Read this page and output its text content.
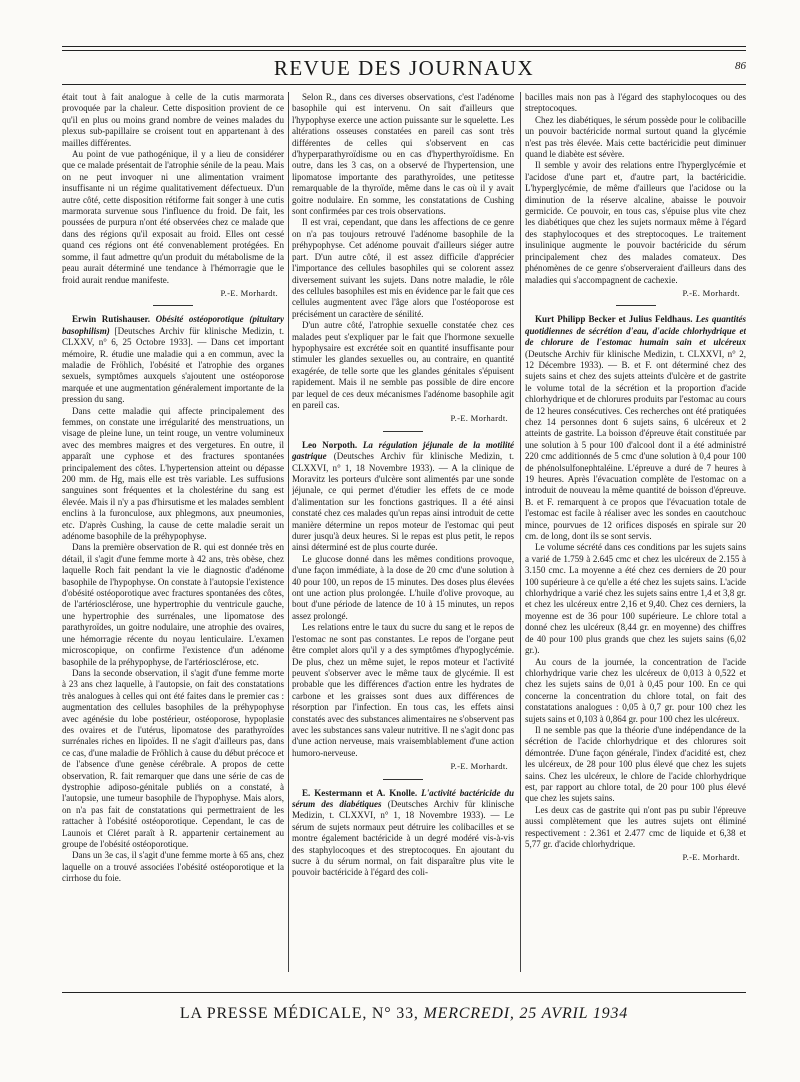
REVUE DES JOURNAUX	86

était tout à fait analogue à celle de la cutis marmorata provoquée par la chaleur. Cette disposition provient de ce qu'il en plus ou moins grand nombre de veines malades du plexus sub-papillaire se croisent tout en appartenant à des mailles différentes.

Au point de vue pathogénique, il y a lieu de considérer que ce malade présentait de l'atrophie sénile de la peau. Mais on ne peut invoquer ni une alimentation vraiment insuffisante ni un régime qualitativement défectueux. D'un autre côté, cette disposition rétiforme fait songer à une cutis marmorata survenue sous l'influence du froid. De fait, les poussées de purpura n'ont été observées chez ce malade que dans des régions qu'il exposait au froid. Elles ont cessé quand ces régions ont été convenablement protégées. En somme, il faut admettre qu'un produit du métabolisme de la peau aurait déterminé une tendance à l'hémorragie que le froid aurait rendue manifeste.

P.-E. Morhardt.

Erwin Rutishauser. Obésité ostéoporotique (pituitary basophilism) [Deutsches Archiv für klinische Medizin, t. CLXXV, n° 6, 25 Octobre 1933]. — Dans cet important mémoire, R. étudie une maladie qui a en commun, avec la maladie de Fröhlich, l'obésité et l'atrophie des organes sexuels, symptômes auxquels s'ajoutent une ostéoporose marquée et une augmentation généralement importante de la pression du sang.

Dans cette maladie qui affecte principalement des femmes, on constate une irrégularité des menstruations, un visage de pleine lune, un teint rouge, un ventre volumineux avec des membres maigres et des vergetures. En outre, il apparaît une cyphose et des fractures spontanées principalement des côtes. L'hypertension atteint ou dépasse 200 mm. de Hg, mais elle est très variable. Les suffusions sanguines sont fréquentes et la cholestérine du sang est élevée. Mais il n'y a pas d'hirsutisme et les malades semblent enclins à la furonculose, aux phlegmons, aux pneumonies, etc. D'après Cushing, la cause de cette maladie serait un adénome basophile de la préhypophyse.

Dans la première observation de R. qui est donnée très en détail, il s'agit d'une femme morte à 42 ans, très obèse, chez laquelle Roch fait pendant la vie le diagnostic d'adénome basophile de l'hypophyse. On constate à l'autopsie l'existence d'obésité ostéoporotique avec fractures spontanées des côtes, de l'artériosclérose, une hypertrophie du ventricule gauche, une hypertrophie des surrénales, une lipomatose des parathyroïdes, un goitre nodulaire, une atrophie des ovaires, une hémorragie récente du noyau lenticulaire. L'examen microscopique, on confirme l'existence d'un adénome basophile de la préhypophyse, de l'artériosclérose, etc.

Dans la seconde observation, il s'agit d'une femme morte à 23 ans chez laquelle, à l'autopsie, on fait des constatations très analogues à celles qui ont été faites dans le premier cas : augmentation des cellules basophiles de la préhypophyse avec agénésie du lobe postérieur, ostéoporose, hypoplasie des ovaires et de l'utérus, lipomatose des parathyroïdes surrénales riches en lipoïdes. Il ne s'agit d'ailleurs pas, dans ce cas, d'une maladie de Fröhlich à cause du début précoce et de l'absence d'une genèse cérébrale. A propos de cette observation, R. fait remarquer que dans une série de cas de dystrophie adiposo-génitale publiés on a constaté, à l'autopsie, une tumeur basophile de l'hypophyse. Mais alors, on n'a pas fait de constatations qui permettraient de les rattacher à l'obésité ostéoporotique. Cependant, le cas de Launois et Cléret paraît à R. appartenir certainement au groupe de l'obésité ostéoporotique.

Dans un 3e cas, il s'agit d'une femme morte à 65 ans, chez laquelle on a trouvé associées l'obésité ostéoporotique et la cirrhose du foie.

Selon R., dans ces diverses observations, c'est l'adénome basophile qui est intervenu. On sait d'ailleurs que l'hypophyse exerce une action puissante sur le squelette. Les altérations osseuses constatées en pareil cas sont très différentes de celles qui s'observent en cas d'hyperparathyroïdisme ou en cas d'hyperthyroïdisme. En outre, dans les 3 cas, on a observé de l'hypertension, une lipomatose importante des parathyroïdes, une petitesse remarquable de la thyroïde, même dans le cas où il y avait goitre nodulaire. En somme, les constatations de Cushing sont confirmées par ces trois observations.

Il est vrai, cependant, que dans les affections de ce genre on n'a pas toujours retrouvé l'adénome basophile de la préhypophyse. Cet adénome pouvait d'ailleurs siéger autre part. D'un autre côté, il est assez difficile d'apprécier l'importance des cellules basophiles qui se colorent assez diversement suivant les sujets. Dans notre maladie, le rôle des cellules basophiles est mis en évidence par le fait que ces cellules augmentent avec l'âge alors que l'ostéoporose est précisément un caractère de sénilité.

D'un autre côté, l'atrophie sexuelle constatée chez ces malades peut s'expliquer par le fait que l'hormone sexuelle hypophysaire est excrétée soit en quantité insuffisante pour stimuler les glandes sexuelles ou, au contraire, en quantité exagérée, de telle sorte que les glandes génitales s'épuisent rapidement. Mais il ne semble pas possible de dire encore par lequel de ces deux mécanismes l'adénome basophile agit en pareil cas.

P.-E. Morhardt.

Leo Norpoth. La régulation jéjunale de la motilité gastrique (Deutsches Archiv für klinische Medizin, t. CLXXVI, n° 1, 18 Novembre 1933). — A la clinique de Moravitz les porteurs d'ulcère sont alimentés par une sonde jéjunale, ce qui permet d'étudier les effets de ce mode d'alimentation sur les fonctions gastriques. Il a été ainsi constaté chez ces malades qu'un repas ainsi introduit de cette manière détermine un repos moteur de l'estomac qui peut durer jusqu'à deux heures. Si le repas est plus petit, le repos ainsi déterminé est de plus courte durée.

Le glucose donné dans les mêmes conditions provoque, d'une façon immédiate, à la dose de 20 cmc d'une solution à 40 pour 100, un repos de 15 minutes. Des doses plus élevées ont une action plus prolongée. L'huile d'olive provoque, au bout d'une période de latence de 10 à 15 minutes, un repos assez prolongé.

Les relations entre le taux du sucre du sang et le repos de l'estomac ne sont pas constantes. Le repos de l'organe peut être complet alors qu'il y a des symptômes d'hypoglycémie. De plus, chez un même sujet, le repos moteur et l'activité peuvent s'observer avec le même taux de glycémie. Il est probable que les différences d'action entre les hydrates de carbone et les graisses sont dues aux différences de résorption par l'infection. En tous cas, les effets ainsi constatés avec des substances alimentaires ne s'observent pas avec les substances sans valeur nutritive. Il ne s'agit donc pas d'une action nerveuse, mais vraisemblablement d'une action humoro-nerveuse.

P.-E. Morhardt.

E. Kestermann et A. Knolle. L'activité bactéricide du sérum des diabétiques (Deutsches Archiv für klinische Medizin, t. CLXXVI, n° 1, 18 Novembre 1933). — Le sérum de sujets normaux peut détruire les colibacilles et se montre également bactéricide à un degré modéré vis-à-vis des staphylocoques et des streptocoques. En ajoutant du sucre à du sérum normal, on fait disparaître plus vite le pouvoir bactéricide à l'égard des coli-

bacilles mais non pas à l'égard des staphylocoques ou des streptocoques.

Chez les diabétiques, le sérum possède pour le colibacille un pouvoir bactéricide normal surtout quand la glycémie n'est pas très élevée. Mais cette bactéricidie peut diminuer quand le diabète est sévère.

Il semble y avoir des relations entre l'hyperglycémie et l'acidose d'une part et, d'autre part, la bactéricidie. L'hyperglycémie, de même d'ailleurs que l'acidose ou la diminution de la réserve alcaline, abaisse le pouvoir germicide. Ce pouvoir, en tous cas, s'épuise plus vite chez les diabétiques que chez les sujets normaux même à l'égard des staphylocoques et des streptocoques. Le traitement insulinique augmente le pouvoir bactéricide du sérum principalement chez des malades comateux. Des phénomènes de ce genre s'observeraient d'ailleurs dans des maladies qui s'accompagnent de cachexie.

P.-E. Morhardt.

Kurt Philipp Becker et Julius Feldhaus. Les quantités quotidiennes de sécrétion d'eau, d'acide chlorhydrique et de chlorure de l'estomac humain sain et ulcéreux (Deutsche Archiv für klinische Medizin, t. CLXXVI, n° 2, 12 Décembre 1933). — B. et F. ont déterminé chez des sujets sains et chez des sujets atteints d'ulcère et de gastrite le volume total de la sécrétion et la proportion d'acide chlorhydrique et de chlorures produits par l'estomac au cours de 12 heures consécutives. Ces recherches ont été pratiquées chez 14 personnes dont 6 sujets sains, 6 ulcéreux et 2 atteints de gastrite. La boisson d'épreuve était constituée par une solution à 5 pour 100 d'alcool dont il a été administré 220 cmc additionnés de 5 cmc d'une solution à 0,4 pour 100 de phénolsulfonephtaléine. L'épreuve a duré de 7 heures à 19 heures. Après l'évacuation complète de l'estomac on a introduit de nouveau la même quantité de boisson d'épreuve. B. et F. remarquent à ce propos que l'évacuation totale de l'estomac est facile à réaliser avec les sondes en caoutchouc mince, pourvues de 12 orifices disposés en spirale sur 20 cm. de long, dont ils se sont servis.

Le volume sécrété dans ces conditions par les sujets sains a varié de 1.759 à 2.645 cmc et chez les ulcéreux de 2.155 à 3.150 cmc. La moyenne a été chez ces derniers de 20 pour 100 supérieure à ce qu'elle a été chez les sujets sains. L'acide chlorhydrique a varié chez les sujets sains entre 1,4 et 3,8 gr. et chez les ulcéreux entre 2,16 et 9,40. Chez ces derniers, la moyenne est de 36 pour 100 supérieure. Le chlore total a donné chez les ulcéreux (8,44 gr. en moyenne) des chiffres de 40 pour 100 plus grands que chez les sujets sains (6,02 gr.).

Au cours de la journée, la concentration de l'acide chlorhydrique varie chez les ulcéreux de 0,013 à 0,522 et chez les sujets sains de 0,01 à 0,45 pour 100. En ce qui concerne la concentration du chlore total, on fait des constatations analogues : 0,05 à 0,7 gr. pour 100 chez les sujets sains et 0,103 à 0,864 gr. pour 100 chez les ulcéreux.

Il ne semble pas que la théorie d'une indépendance de la sécrétion de l'acide chlorhydrique et des chlorures soit démontrée. D'une façon générale, l'index d'acidité est, chez les ulcéreux, de 28 pour 100 plus élevé que chez les sujets sains. Chez les ulcéreux, le chlore de l'acide chlorhydrique est, par rapport au chlore total, de 20 pour 100 plus élevé que chez les sujets sains.

Les deux cas de gastrite qui n'ont pas pu subir l'épreuve aussi complètement que les autres sujets ont éliminé respectivement : 2.361 et 2.477 cmc de liquide et 6,38 et 5,77 gr. d'acide chlorhydrique.

P.-E. Morhardt.
LA PRESSE MÉDICALE, N° 33, MERCREDI, 25 AVRIL 1934
